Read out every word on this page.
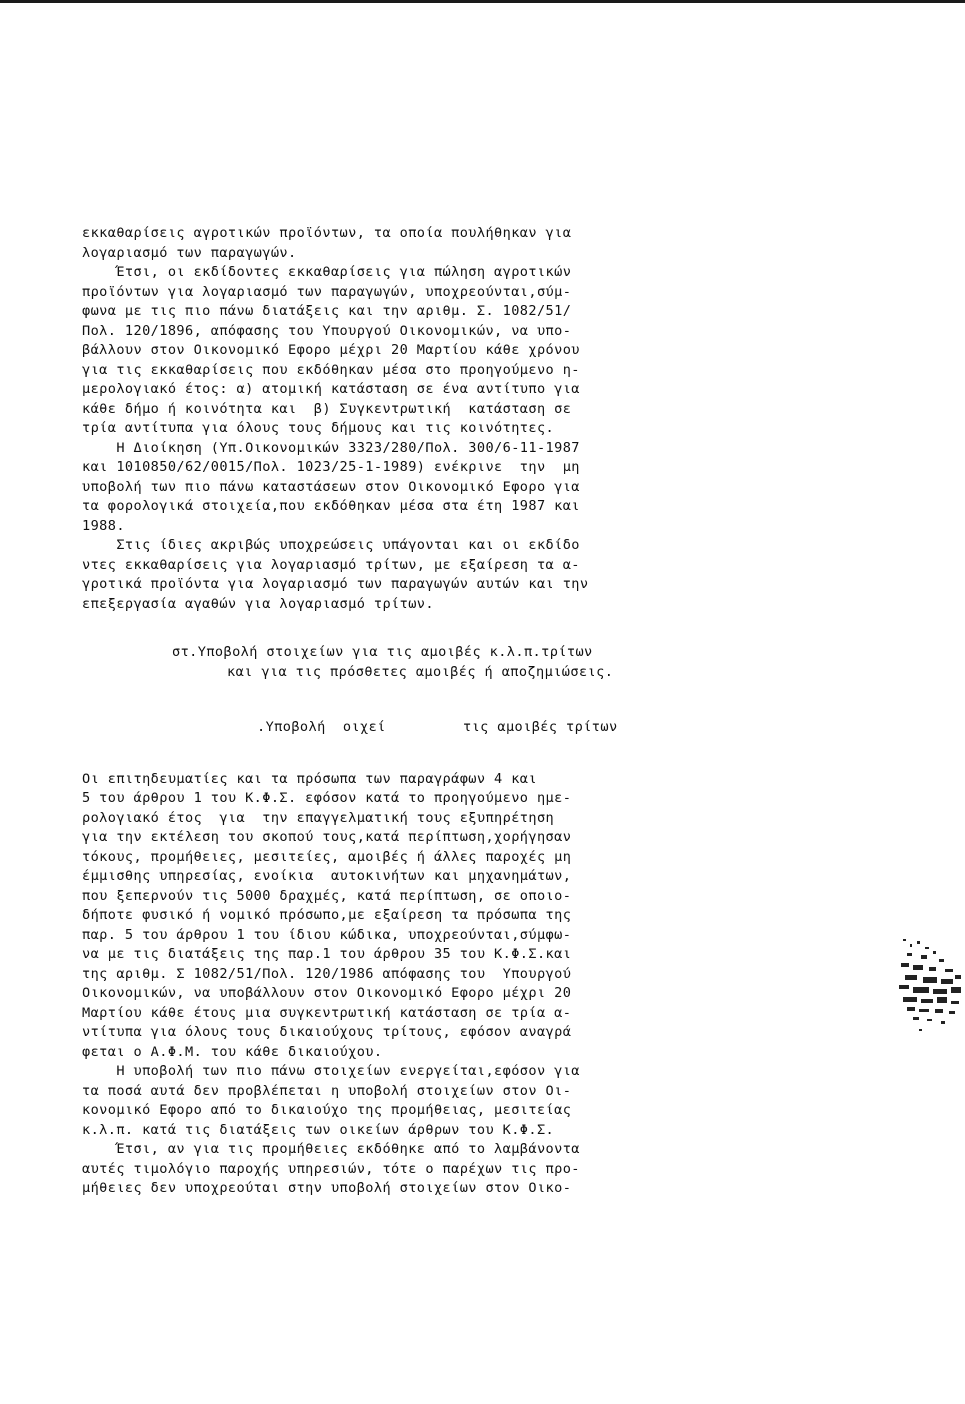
εκκαθαρίσεις αγροτικών προϊόντων, τα οποία πουλήθηκαν για
λογαριασμό των παραγωγών.
Έτσι, οι εκδίδοντες εκκαθαρίσεις για πώληση αγροτικών
προϊόντων για λογαριασμό των παραγωγών, υποχρεούνται,σύμ-
φωνα με τις πιο πάνω διατάξεις και την αριθμ. Σ. 1082/51/
Πολ. 120/1896, απόφασης του Υπουργού Οικονομικών, να υπο-
βάλλουν στον Οικονομικό Εφορο μέχρι 20 Μαρτίου κάθε χρόνου
για τις εκκαθαρίσεις που εκδόθηκαν μέσα στο προηγούμενο η-
μερολογιακό έτος: α) ατομική κατάσταση σε ένα αντίτυπο για
κάθε δήμο ή κοινότητα και  β) Συγκεντρωτική  κατάσταση σε
τρία αντίτυπα για όλους τους δήμους και τις κοινότητες.
Η Διοίκηση (Υπ.Οικονομικών 3323/280/Πολ. 300/6-11-1987
και 1010850/62/0015/Πολ. 1023/25-1-1989) ενέκρινε  την  μη
υποβολή των πιο πάνω καταστάσεων στον Οικονομικό Εφορο για
τα φορολογικά στοιχεία,που εκδόθηκαν μέσα στα έτη 1987 και
1988.
Στις ίδιες ακριβώς υποχρεώσεις υπάγονται και οι εκδίδο
ντες εκκαθαρίσεις για λογαριασμό τρίτων, με εξαίρεση τα α-
γροτικά προϊόντα για λογαριασμό των παραγωγών αυτών και την
επεξεργασία αγαθών για λογαριασμό τρίτων.
στ.Υποβολή στοιχείων για τις αμοιβές κ.λ.π.τρίτων
και για τις πρόσθετες αμοιβές ή αποζημιώσεις.
.Υποβολή  οιχεί         τις αμοιβές τρίτων
Οι επιτηδευματίες και τα πρόσωπα των παραγράφων 4 και
5 του άρθρου 1 του Κ.Φ.Σ. εφόσον κατά το προηγούμενο ημε-
ρολογιακό έτος  για  την επαγγελματική τους εξυπηρέτηση
για την εκτέλεση του σκοπού τους,κατά περίπτωση,χορήγησαν
τόκους, προμήθειες, μεσιτείες, αμοιβές ή άλλες παροχές μη
έμμισθης υπηρεσίας, ενοίκια  αυτοκινήτων και μηχανημάτων,
που ξεπερνούν τις 5000 δραχμές, κατά περίπτωση, σε οποιο-
δήποτε φυσικό ή νομικό πρόσωπο,με εξαίρεση τα πρόσωπα της
παρ. 5 του άρθρου 1 του ίδιου κώδικα, υποχρεούνται,σύμφω-
να με τις διατάξεις της παρ.1 του άρθρου 35 του Κ.Φ.Σ.και
της αριθμ. Σ 1082/51/Πολ. 120/1986 απόφασης του  Υπουργού
Οικονομικών, να υποβάλλουν στον Οικονομικό Εφορο μέχρι 20
Μαρτίου κάθε έτους μια συγκεντρωτική κατάσταση σε τρία α-
ντίτυπα για όλους τους δικαιούχους τρίτους, εφόσον αναγρά
φεται ο Α.Φ.Μ. του κάθε δικαιούχου.
Η υποβολή των πιο πάνω στοιχείων ενεργείται,εφόσον για
τα ποσά αυτά δεν προβλέπεται η υποβολή στοιχείων στον Οι-
κονομικό Εφορο από το δικαιούχο της προμήθειας, μεσιτείας
κ.λ.π. κατά τις διατάξεις των οικείων άρθρων του Κ.Φ.Σ.
Έτσι, αν για τις προμήθειες εκδόθηκε από το λαμβάνοντα
αυτές τιμολόγιο παροχής υπηρεσιών, τότε ο παρέχων τις προ-
μήθειες δεν υποχρεούται στην υποβολή στοιχείων στον Οικο-
